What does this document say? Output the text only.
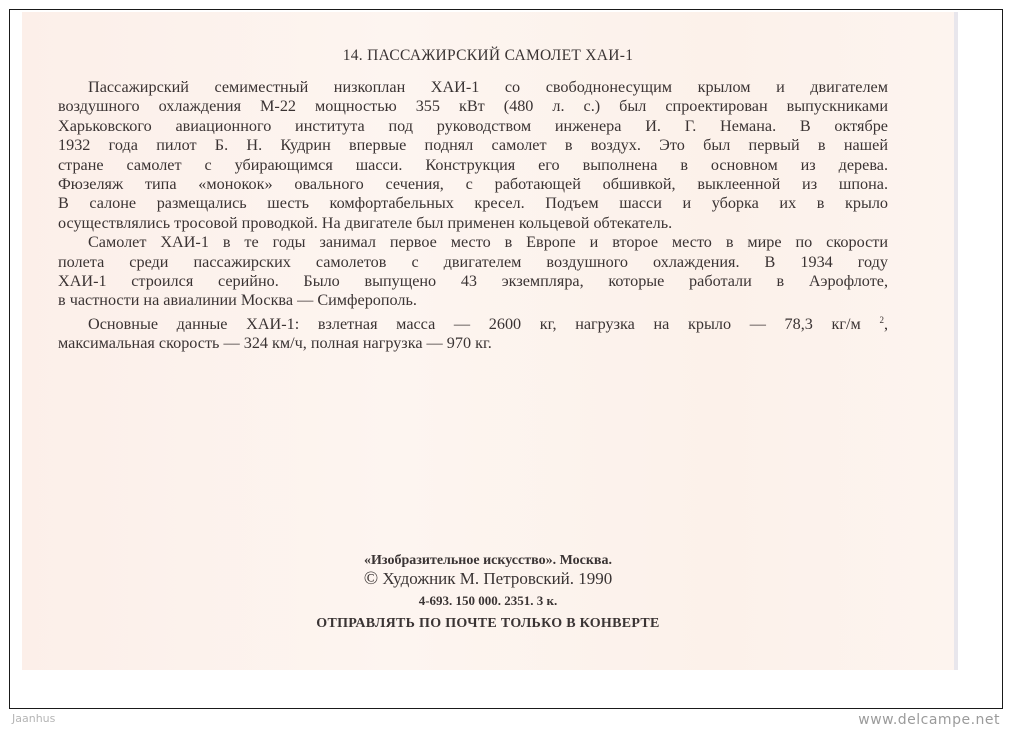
14. ПАССАЖИРСКИЙ САМОЛЕТ ХАИ-1
Пассажирский семиместный низкоплан ХАИ-1 со свободнонесущим крылом и двигателем
воздушного охлаждения М-22 мощностью 355 кВт (480 л. с.) был спроектирован выпускниками
Харьковского авиационного института под руководством инженера И. Г. Немана. В октябре
1932 года пилот Б. Н. Кудрин впервые поднял самолет в воздух. Это был первый в нашей
стране самолет с убирающимся шасси. Конструкция его выполнена в основном из дерева.
Фюзеляж типа «монокок» овального сечения, с работающей обшивкой, выклеенной из шпона.
В салоне размещались шесть комфортабельных кресел. Подъем шасси и уборка их в крыло
осуществлялись тросовой проводкой. На двигателе был применен кольцевой обтекатель.
Самолет ХАИ-1 в те годы занимал первое место в Европе и второе место в мире по скорости
полета среди пассажирских самолетов с двигателем воздушного охлаждения. В 1934 году
ХАИ-1 строился серийно. Было выпущено 43 экземпляра, которые работали в Аэрофлоте,
в частности на авиалинии Москва — Симферополь.
Основные данные ХАИ-1: взлетная масса — 2600 кг, нагрузка на крыло — 78,3 кг/м $^2$,
максимальная скорость — 324 км/ч, полная нагрузка — 970 кг.
«Изобразительное искусство». Москва.
© Художник М. Петровский. 1990
4-693. 150 000. 2351. 3 к.
ОТПРАВЛЯТЬ ПО ПОЧТЕ ТОЛЬКО В КОНВЕРТЕ
Jaanhus	www.delcampe.net
